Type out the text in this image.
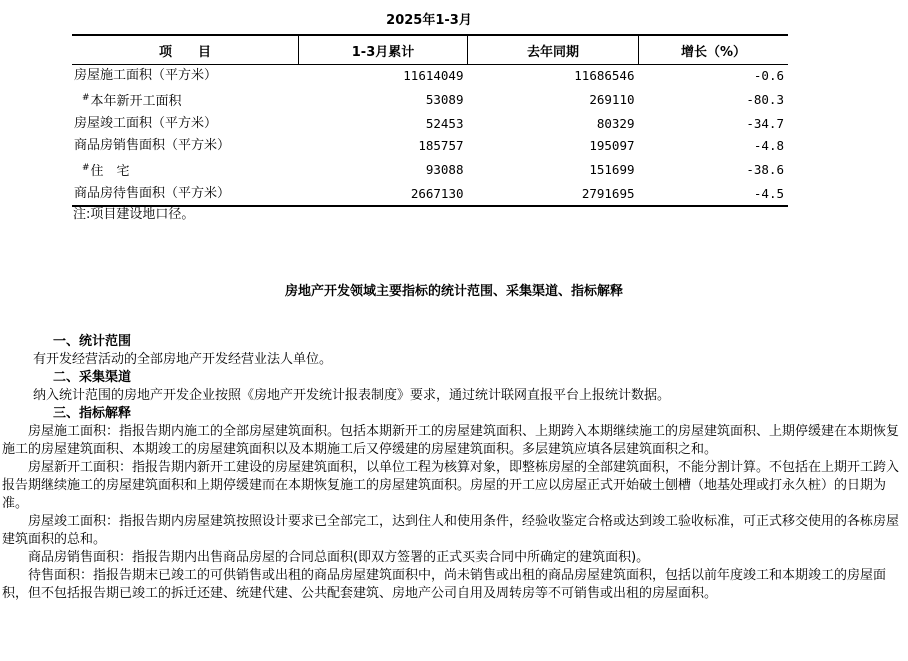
2025年1-3月
项　　目	1-3月累计	去年同期	增长（%）
房屋施工面积（平方米）	11614049	11686546	-0.6
#本年新开工面积	53089	269110	-80.3
房屋竣工面积（平方米）	52453	80329	-34.7
商品房销售面积（平方米）	185757	195097	-4.8
#住　宅	93088	151699	-38.6
商品房待售面积（平方米）	2667130	2791695	-4.5
注:项目建设地口径。
房地产开发领域主要指标的统计范围、采集渠道、指标解释
一、统计范围
有开发经营活动的全部房地产开发经营业法人单位。
二、采集渠道
纳入统计范围的房地产开发企业按照《房地产开发统计报表制度》要求，通过统计联网直报平台上报统计数据。
三、指标解释
房屋施工面积：指报告期内施工的全部房屋建筑面积。包括本期新开工的房屋建筑面积、上期跨入本期继续施工的房屋建筑面积、上期停缓建在本期恢复施工的房屋建筑面积、本期竣工的房屋建筑面积以及本期施工后又停缓建的房屋建筑面积。多层建筑应填各层建筑面积之和。
房屋新开工面积：指报告期内新开工建设的房屋建筑面积，以单位工程为核算对象，即整栋房屋的全部建筑面积，不能分割计算。不包括在上期开工跨入报告期继续施工的房屋建筑面积和上期停缓建而在本期恢复施工的房屋建筑面积。房屋的开工应以房屋正式开始破土刨槽（地基处理或打永久桩）的日期为准。
房屋竣工面积：指报告期内房屋建筑按照设计要求已全部完工，达到住人和使用条件，经验收鉴定合格或达到竣工验收标准，可正式移交使用的各栋房屋建筑面积的总和。
商品房销售面积：指报告期内出售商品房屋的合同总面积(即双方签署的正式买卖合同中所确定的建筑面积)。
待售面积：指报告期末已竣工的可供销售或出租的商品房屋建筑面积中，尚未销售或出租的商品房屋建筑面积，包括以前年度竣工和本期竣工的房屋面积，但不包括报告期已竣工的拆迁还建、统建代建、公共配套建筑、房地产公司自用及周转房等不可销售或出租的房屋面积。
